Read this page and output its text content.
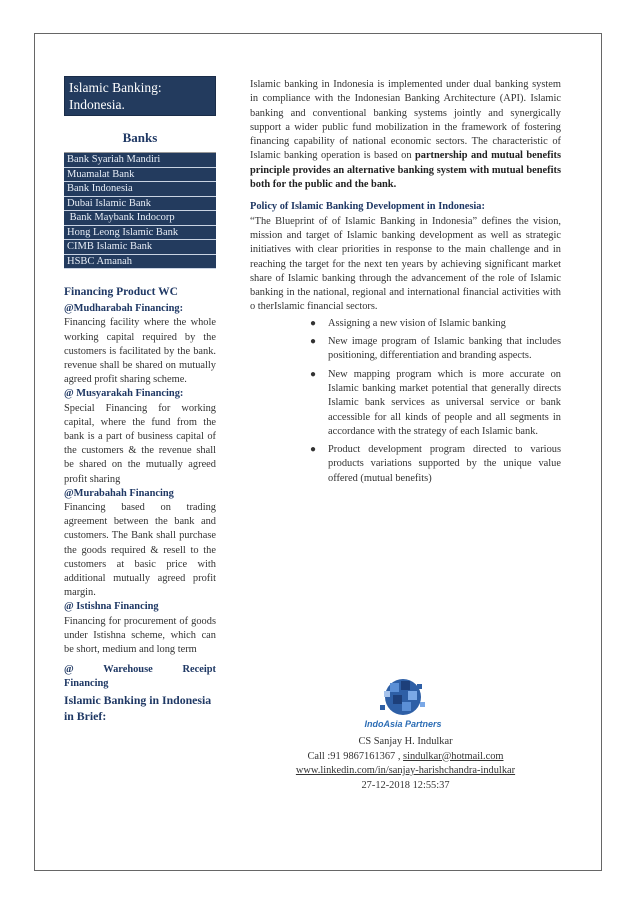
Islamic Banking:
Indonesia.
Banks
Bank Syariah Mandiri
Muamalat Bank
Bank Indonesia
Dubai Islamic Bank
Bank Maybank Indocorp
Hong Leong Islamic Bank
CIMB Islamic Bank
HSBC Amanah

Financing Product WC

@Mudharabah Financing:

Financing facility where the whole working capital required by the customers is facilitated by the bank. revenue shall be shared on mutually agreed profit sharing scheme.

@ Musyarakah Financing:

Special Financing for working capital, where the fund from the bank is a part of business capital of the customers & the revenue shall be shared on the mutually agreed profit sharing

@Murabahah Financing

Financing based on trading agreement between the bank and customers. The Bank shall purchase the goods required & resell to the customers at basic price with additional mutually agreed profit margin.

@ Istishna Financing

Financing for procurement of goods under Istishna scheme, which can be short, medium and long term

@ Warehouse Receipt Financing

Islamic Banking in Indonesia in Brief:

Islamic banking in Indonesia is implemented under dual banking system in compliance with the Indonesian Banking Architecture (API). Islamic banking and conventional banking systems jointly and synergically support a wider public fund mobilization in the framework of fostering financing capability of national economic sectors. The characteristic of Islamic banking operation is based on partnership and mutual benefits principle provides an alternative banking system with mutual benefits both for the public and the bank.

Policy of Islamic Banking Development in Indonesia:

“The Blueprint of of Islamic Banking in Indonesia” defines the vision, mission and target of Islamic banking development as well as strategic initiatives with clear priorities in response to the main challenge and in reaching the target for the next ten years by achieving significant market share of Islamic banking through the advancement of the role of Islamic banking in the national, regional and international financial activities with o therIslamic financial sectors.

● Assigning a new vision of Islamic banking
● New image program of Islamic banking that includes positioning, differentiation and branding aspects.
● New mapping program which is more accurate on Islamic banking market potential that generally directs Islamic bank services as universal service or bank accessible for all kinds of people and all segments in accordance with the strategy of each Islamic bank.
● Product development program directed to various products variations supported by the unique value offered (mutual benefits)
IndoAsia Partners
CS Sanjay H. Indulkar
Call :91 9867161367 , sindulkar@hotmail.com
www.linkedin.com/in/sanjay-harishchandra-indulkar
27-12-2018 12:55:37
